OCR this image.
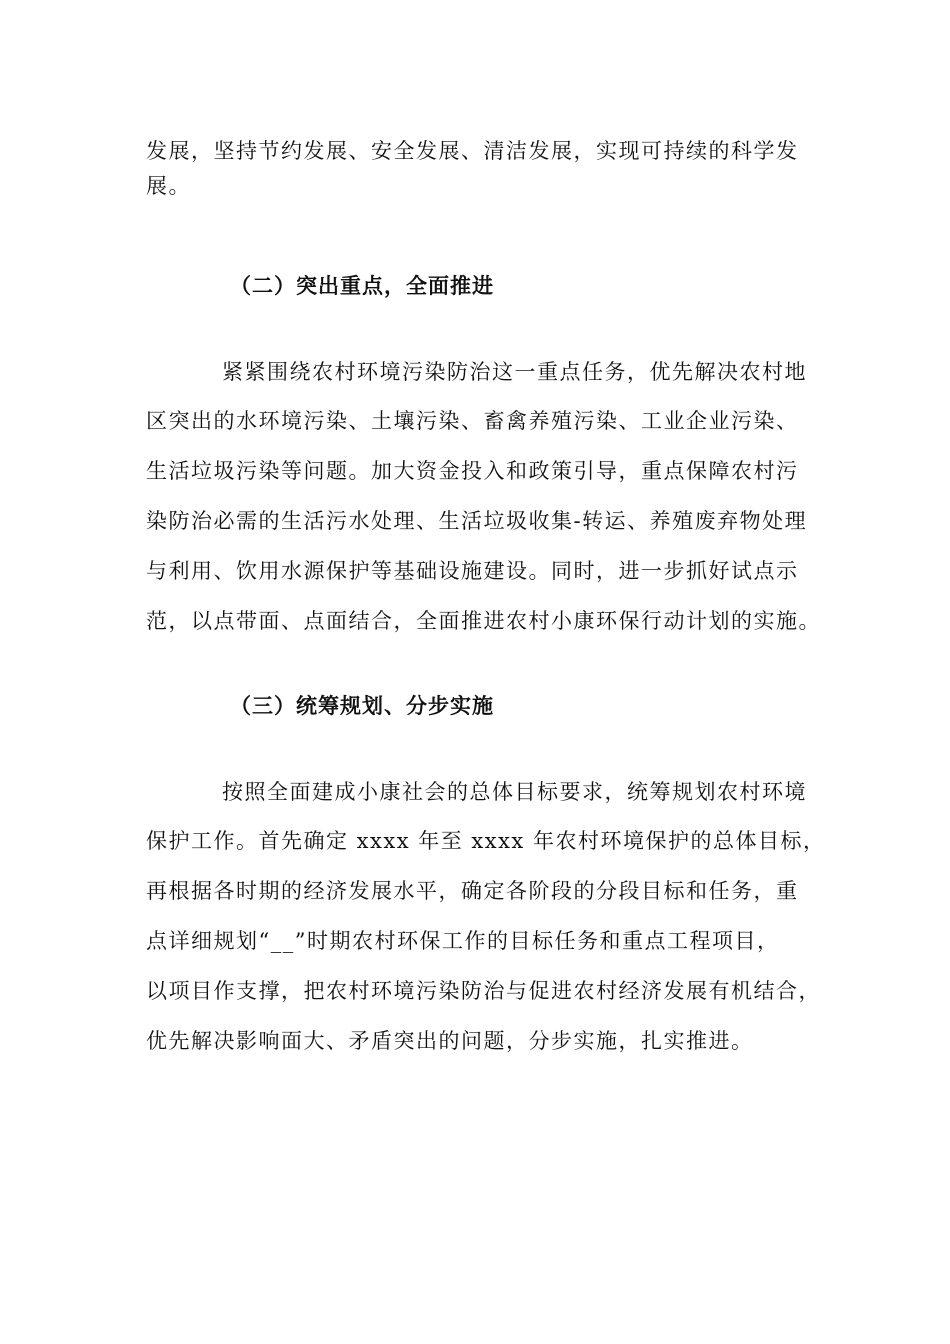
发展，坚持节约发展、安全发展、清洁发展，实现可持续的科学发
展。
（二）突出重点，全面推进
紧紧围绕农村环境污染防治这一重点任务，优先解决农村地
区突出的水环境污染、土壤污染、畜禽养殖污染、工业企业污染、
生活垃圾污染等问题。加大资金投入和政策引导，重点保障农村污
染防治必需的生活污水处理、生活垃圾收集-转运、养殖废弃物处理
与利用、饮用水源保护等基础设施建设。同时，进一步抓好试点示
范，以点带面、点面结合，全面推进农村小康环保行动计划的实施。
（三）统筹规划、分步实施
按照全面建成小康社会的总体目标要求，统筹规划农村环境
保护工作。首先确定 xxxx 年至 xxxx 年农村环境保护的总体目标，
再根据各时期的经济发展水平，确定各阶段的分段目标和任务，重
点详细规划“__”时期农村环保工作的目标任务和重点工程项目，
以项目作支撑，把农村环境污染防治与促进农村经济发展有机结合，
优先解决影响面大、矛盾突出的问题，分步实施，扎实推进。
